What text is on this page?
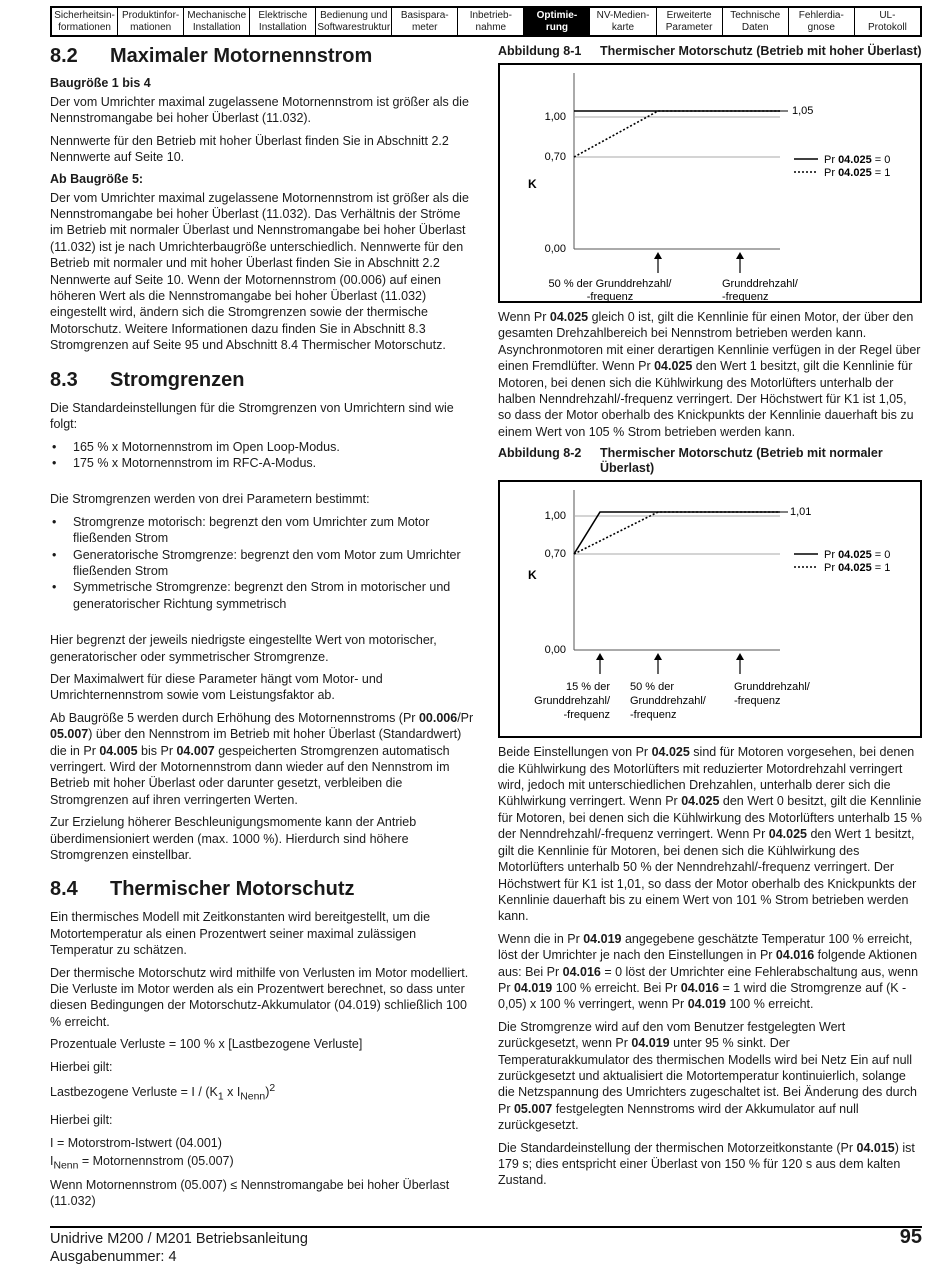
Sicherheitsin-
formationen
Produktinfor-
mationen
Mechanische
Installation
Elektrische
Installation
Bedienung und
Softwarestruktur
Basispara-
meter
Inbetrieb-
nahme
Optimie-
rung
NV-Medien-
karte
Erweiterte
Parameter
Technische
Daten
Fehlerdia-
gnose
UL-
Protokoll
8.2	Maximaler Motornennstrom
Baugröße 1 bis 4

Der vom Umrichter maximal zugelassene Motornennstrom ist größer als die Nennstromangabe bei hoher Überlast (11.032).

Nennwerte für den Betrieb mit hoher Überlast finden Sie in Abschnitt 2.2 Nennwerte auf Seite 10.

Ab Baugröße 5:

Der vom Umrichter maximal zugelassene Motornennstrom ist größer als die Nennstromangabe bei hoher Überlast (11.032). Das Verhältnis der Ströme im Betrieb mit normaler Überlast und Nennstromangabe bei hoher Überlast (11.032) ist je nach Umrichterbaugröße unterschiedlich. Nennwerte für den Betrieb mit normaler und mit hoher Überlast finden Sie in Abschnitt 2.2 Nennwerte auf Seite 10. Wenn der Motornennstrom (00.006) auf einen höheren Wert als die Nennstromangabe bei hoher Überlast (11.032) eingestellt wird, ändern sich die Stromgrenzen sowie der thermische Motorschutz. Weitere Informationen dazu finden Sie in Abschnitt 8.3 Stromgrenzen auf Seite 95 und Abschnitt 8.4 Thermischer Motorschutz.

8.3	Stromgrenzen

Die Standardeinstellungen für die Stromgrenzen von Umrichtern sind wie folgt:

• 165 % x Motornennstrom im Open Loop-Modus.
• 175 % x Motornennstrom im RFC-A-Modus.

Die Stromgrenzen werden von drei Parametern bestimmt:

• Stromgrenze motorisch: begrenzt den vom Umrichter zum Motor fließenden Strom
• Generatorische Stromgrenze: begrenzt den vom Motor zum Umrichter fließenden Strom
• Symmetrische Stromgrenze: begrenzt den Strom in motorischer und generatorischer Richtung symmetrisch

Hier begrenzt der jeweils niedrigste eingestellte Wert von motorischer, generatorischer oder symmetrischer Stromgrenze.

Der Maximalwert für diese Parameter hängt vom Motor- und Umrichternennstrom sowie vom Leistungsfaktor ab.

Ab Baugröße 5 werden durch Erhöhung des Motornennstroms (Pr 00.006/Pr 05.007) über den Nennstrom im Betrieb mit hoher Überlast (Standardwert) die in Pr 04.005 bis Pr 04.007 gespeicherten Stromgrenzen automatisch verringert. Wird der Motornennstrom dann wieder auf den Nennstrom im Betrieb mit hoher Überlast oder darunter gesetzt, verbleiben die Stromgrenzen auf ihren verringerten Werten.

Zur Erzielung höherer Beschleunigungsmomente kann der Antrieb überdimensioniert werden (max. 1000 %). Hierdurch sind höhere Stromgrenzen einstellbar.

8.4	Thermischer Motorschutz

Ein thermisches Modell mit Zeitkonstanten wird bereitgestellt, um die Motortemperatur als einen Prozentwert seiner maximal zulässigen Temperatur zu schätzen.

Der thermische Motorschutz wird mithilfe von Verlusten im Motor modelliert. Die Verluste im Motor werden als ein Prozentwert berechnet, so dass unter diesen Bedingungen der Motorschutz-Akkumulator (04.019) schließlich 100 % erreicht.

Prozentuale Verluste = 100 % x [Lastbezogene Verluste]
Hierbei gilt:
Lastbezogene Verluste = I / ($K_1$ x $I_{Nenn})^2$
Hierbei gilt:
I = Motorstrom-Istwert (04.001)
$I_{Nenn}$ = Motornennstrom (05.007)
Wenn Motornennstrom (05.007) ≤ Nennstromangabe bei hoher Überlast (11.032)
Abbildung 8-1	Thermischer Motorschutz (Betrieb mit hoher Überlast)
1,00
0,70
0,00
K
1,05
Pr 04.025 = 0
Pr 04.025 = 1
50 % der Grunddrehzahl/ -frequenz
Grunddrehzahl/ -frequenz

Wenn Pr 04.025 gleich 0 ist, gilt die Kennlinie für einen Motor, der über den gesamten Drehzahlbereich bei Nennstrom betrieben werden kann. Asynchronmotoren mit einer derartigen Kennlinie verfügen in der Regel über einen Fremdlüfter. Wenn Pr 04.025 den Wert 1 besitzt, gilt die Kennlinie für Motoren, bei denen sich die Kühlwirkung des Motorlüfters unterhalb der halben Nenndrehzahl/-frequenz verringert. Der Höchstwert für K1 ist 1,05, so dass der Motor oberhalb des Knickpunkts der Kennlinie dauerhaft bis zu einem Wert von 105 % Strom betrieben werden kann.

Abbildung 8-2	Thermischer Motorschutz (Betrieb mit normaler Überlast)
1,00
0,70
0,00
K
1,01
Pr 04.025 = 0
Pr 04.025 = 1
15 % der Grunddrehzahl/ -frequenz
50 % der Grunddrehzahl/ -frequenz
Grunddrehzahl/ -frequenz

Beide Einstellungen von Pr 04.025 sind für Motoren vorgesehen, bei denen die Kühlwirkung des Motorlüfters mit reduzierter Motordrehzahl verringert wird, jedoch mit unterschiedlichen Drehzahlen, unterhalb derer sich die Kühlwirkung verringert. Wenn Pr 04.025 den Wert 0 besitzt, gilt die Kennlinie für Motoren, bei denen sich die Kühlwirkung des Motorlüfters unterhalb 15 % der Nenndrehzahl/-frequenz verringert. Wenn Pr 04.025 den Wert 1 besitzt, gilt die Kennlinie für Motoren, bei denen sich die Kühlwirkung des Motorlüfters unterhalb 50 % der Nenndrehzahl/-frequenz verringert. Der Höchstwert für K1 ist 1,01, so dass der Motor oberhalb des Knickpunkts der Kennlinie dauerhaft bis zu einem Wert von 101 % Strom betrieben werden kann.

Wenn die in Pr 04.019 angegebene geschätzte Temperatur 100 % erreicht, löst der Umrichter je nach den Einstellungen in Pr 04.016 folgende Aktionen aus: Bei Pr 04.016 = 0 löst der Umrichter eine Fehlerabschaltung aus, wenn Pr 04.019 100 % erreicht. Bei Pr 04.016 = 1 wird die Stromgrenze auf (K - 0,05) x 100 % verringert, wenn Pr 04.019 100 % erreicht.

Die Stromgrenze wird auf den vom Benutzer festgelegten Wert zurückgesetzt, wenn Pr 04.019 unter 95 % sinkt. Der Temperaturakkumulator des thermischen Modells wird bei Netz Ein auf null zurückgesetzt und aktualisiert die Motortemperatur kontinuierlich, solange die Netzspannung des Umrichters zugeschaltet ist. Bei Änderung des durch Pr 05.007 festgelegten Nennstroms wird der Akkumulator auf null zurückgesetzt.

Die Standardeinstellung der thermischen Motorzeitkonstante (Pr 04.015) ist 179 s; dies entspricht einer Überlast von 150 % für 120 s aus dem kalten Zustand.

Unidrive M200 / M201 Betriebsanleitung
Ausgabenummer: 4
95
